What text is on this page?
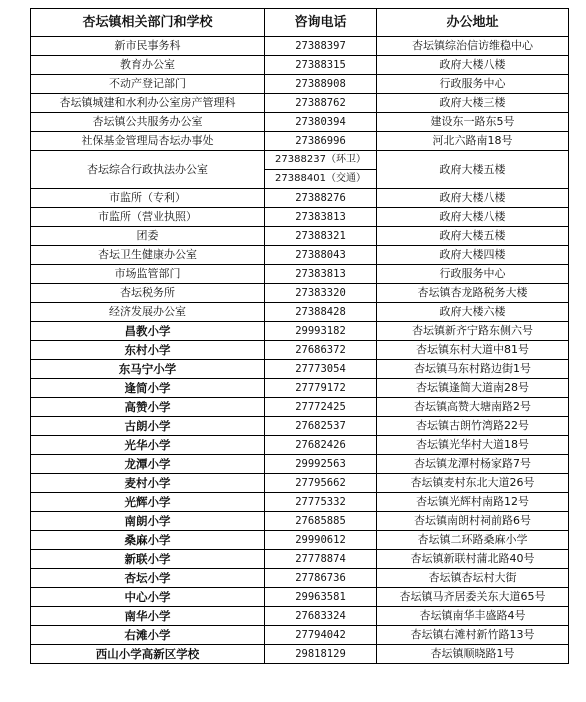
杏坛镇相关部门和学校	咨询电话	办公地址
新市民事务科	27388397	杏坛镇综治信访维稳中心
教育办公室	27388315	政府大楼八楼
不动产登记部门	27388908	行政服务中心
杏坛镇城建和水利办公室房产管理科	27388762	政府大楼三楼
杏坛镇公共服务办公室	27380394	建设东一路东5号
社保基金管理局杏坛办事处	27386996	河北六路南18号
杏坛综合行政执法办公室	27388237（环卫）	政府大楼五楼
	27388401（交通）	
市监所（专利）	27388276	政府大楼八楼
市监所（营业执照）	27383813	政府大楼八楼
团委	27388321	政府大楼五楼
杏坛卫生健康办公室	27388043	政府大楼四楼
市场监管部门	27383813	行政服务中心
杏坛税务所	27383320	杏坛镇杏龙路税务大楼
经济发展办公室	27388428	政府大楼六楼
昌教小学	29993182	杏坛镇新齐宁路东侧六号
东村小学	27686372	杏坛镇东村大道中81号
东马宁小学	27773054	杏坛镇马东村路边街1号
逢简小学	27779172	杏坛镇逢简大道南28号
高赞小学	27772425	杏坛镇高赞大塘南路2号
古朗小学	27682537	杏坛镇古朗竹湾路22号
光华小学	27682426	杏坛镇光华村大道18号
龙潭小学	29992563	杏坛镇龙潭村杨家路7号
麦村小学	27795662	杏坛镇麦村东北大道26号
光辉小学	27775332	杏坛镇光辉村南路12号
南朗小学	27685885	杏坛镇南朗村祠前路6号
桑麻小学	29990612	杏坛镇二环路桑麻小学
新联小学	27778874	杏坛镇新联村蒲北路40号
杏坛小学	27786736	杏坛镇杏坛村大街
中心小学	29963581	杏坛镇马齐居委关东大道65号
南华小学	27683324	杏坛镇南华丰盛路4号
右滩小学	27794042	杏坛镇右滩村新竹路13号
西山小学高新区学校	29818129	杏坛镇顺晓路1号
